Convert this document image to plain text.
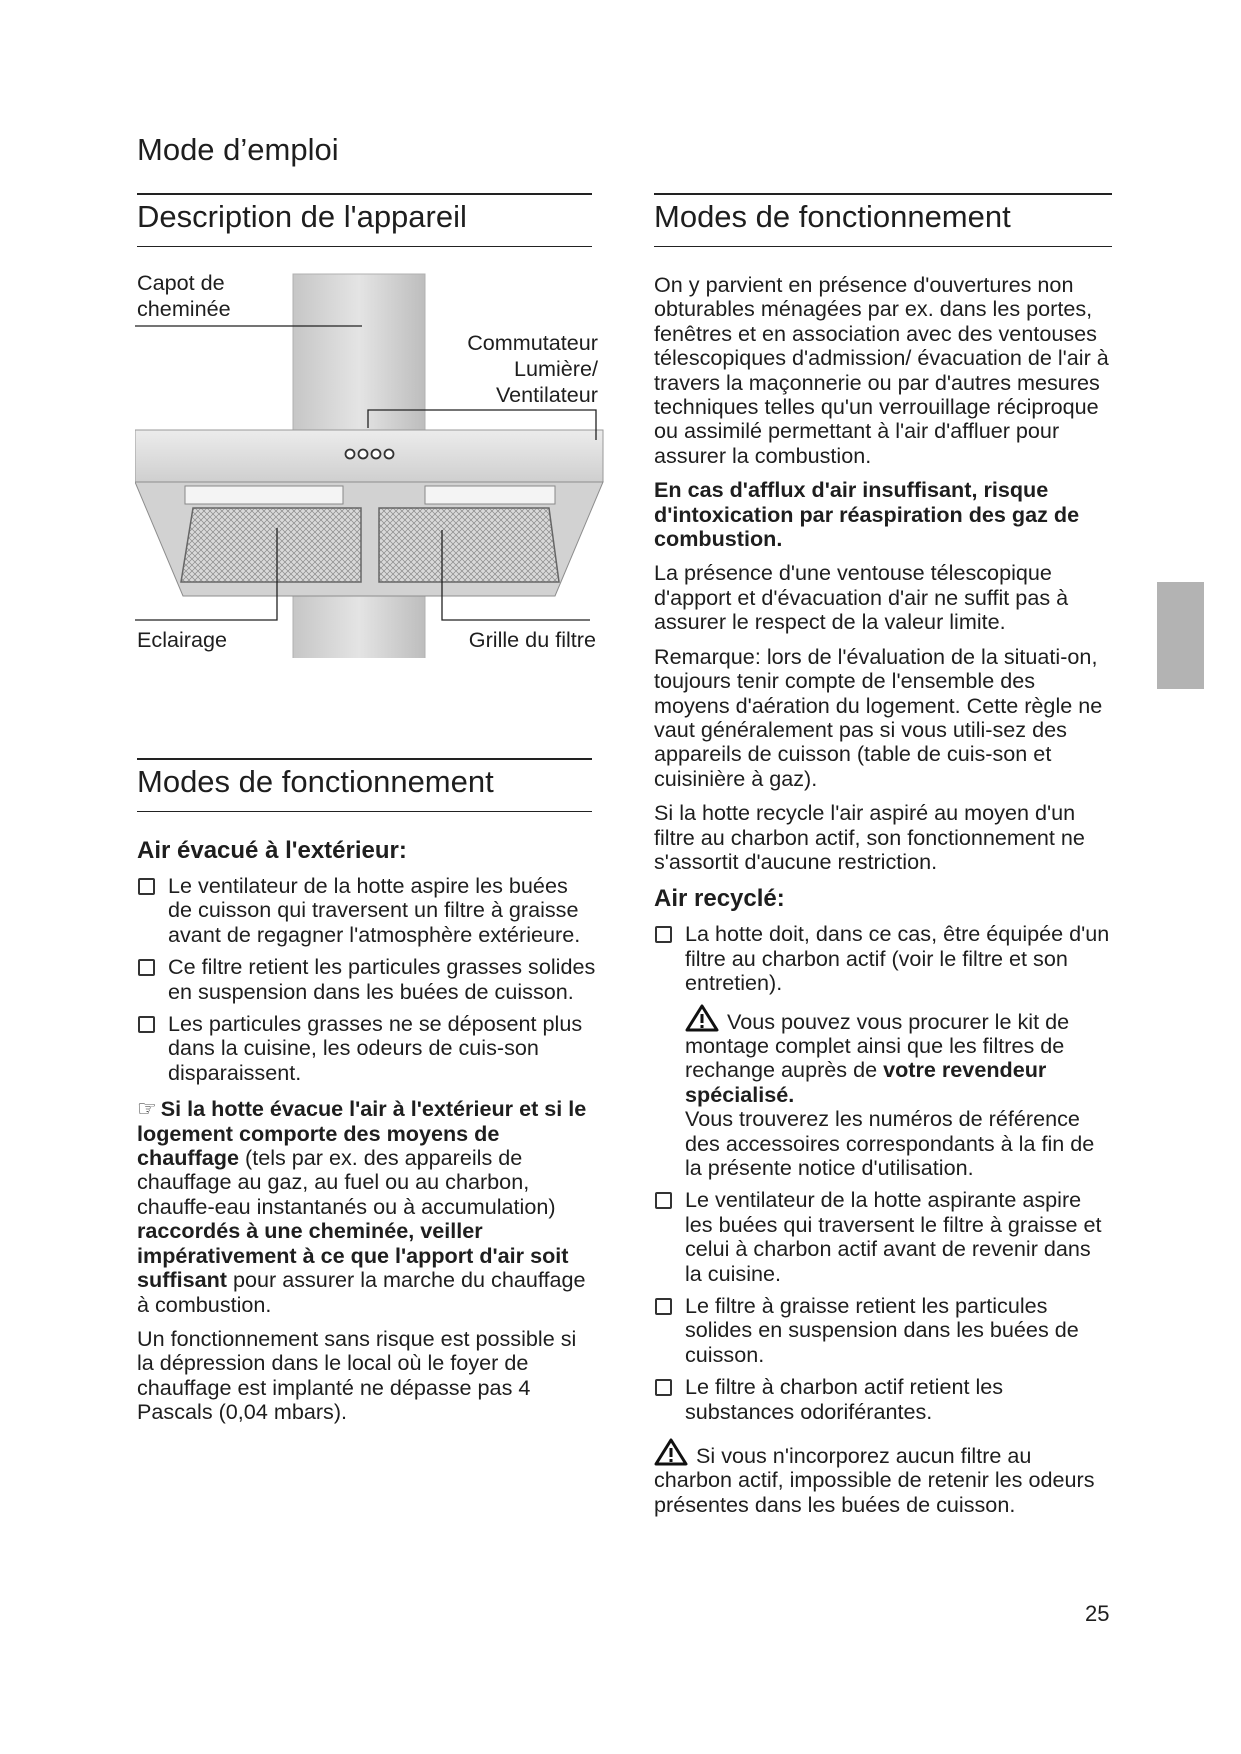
Mode d’emploi
Description de l'appareil
Capot de
cheminée
Commutateur
Lumière/
Ventilateur
Eclairage	Grille du filtre
Modes de fonctionnement
Air évacué à l'extérieur:
Le ventilateur de la hotte aspire les buées de cuisson qui traversent un filtre à graisse avant de regagner l'atmosphère extérieure.
Ce filtre retient les particules grasses solides en suspension dans les buées de cuisson.
Les particules grasses ne se déposent plus dans la cuisine, les odeurs de cuis-son disparaissent.

☞ Si la hotte évacue l'air à l'extérieur et si le logement comporte des moyens de chauffage (tels par ex. des appareils de chauffage au gaz, au fuel ou au charbon, chauffe-eau instantanés ou à accumulation) raccordés à une cheminée, veiller impérativement à ce que l'apport d'air soit suffisant pour assurer la marche du chauffage à combustion.

Un fonctionnement sans risque est possible si la dépression dans le local où le foyer de chauffage est implanté ne dépasse pas 4 Pascals (0,04 mbars).

Modes de fonctionnement

On y parvient en présence d'ouvertures non obturables ménagées par ex. dans les portes, fenêtres et en association avec des ventouses télescopiques d'admission/ évacuation de l'air à travers la maçonnerie ou par d'autres mesures techniques telles qu'un verrouillage réciproque ou assimilé permettant à l'air d'affluer pour assurer la combustion.

En cas d'afflux d'air insuffisant, risque d'intoxication par réaspiration des gaz de combustion.

La présence d'une ventouse télescopique d'apport et d'évacuation d'air ne suffit pas à assurer le respect de la valeur limite.

Remarque: lors de l'évaluation de la situati-on, toujours tenir compte de l'ensemble des moyens d'aération du logement. Cette règle ne vaut généralement pas si vous utili-sez des appareils de cuisson (table de cuis-son et cuisinière à gaz).

Si la hotte recycle l'air aspiré au moyen d'un filtre au charbon actif, son fonctionnement ne s'assortit d'aucune restriction.

Air recyclé:
La hotte doit, dans ce cas, être équipée d'un filtre au charbon actif (voir le filtre et son entretien).
Vous pouvez vous procurer le kit de montage complet ainsi que les filtres de rechange auprès de votre revendeur spécialisé.
Vous trouverez les numéros de référence des accessoires correspondants à la fin de la présente notice d'utilisation.
Le ventilateur de la hotte aspirante aspire les buées qui traversent le filtre à graisse et celui à charbon actif avant de revenir dans la cuisine.
Le filtre à graisse retient les particules solides en suspension dans les buées de cuisson.
Le filtre à charbon actif retient les substances odoriférantes.

Si vous n'incorporez aucun filtre au charbon actif, impossible de retenir les odeurs présentes dans les buées de cuisson.

25
